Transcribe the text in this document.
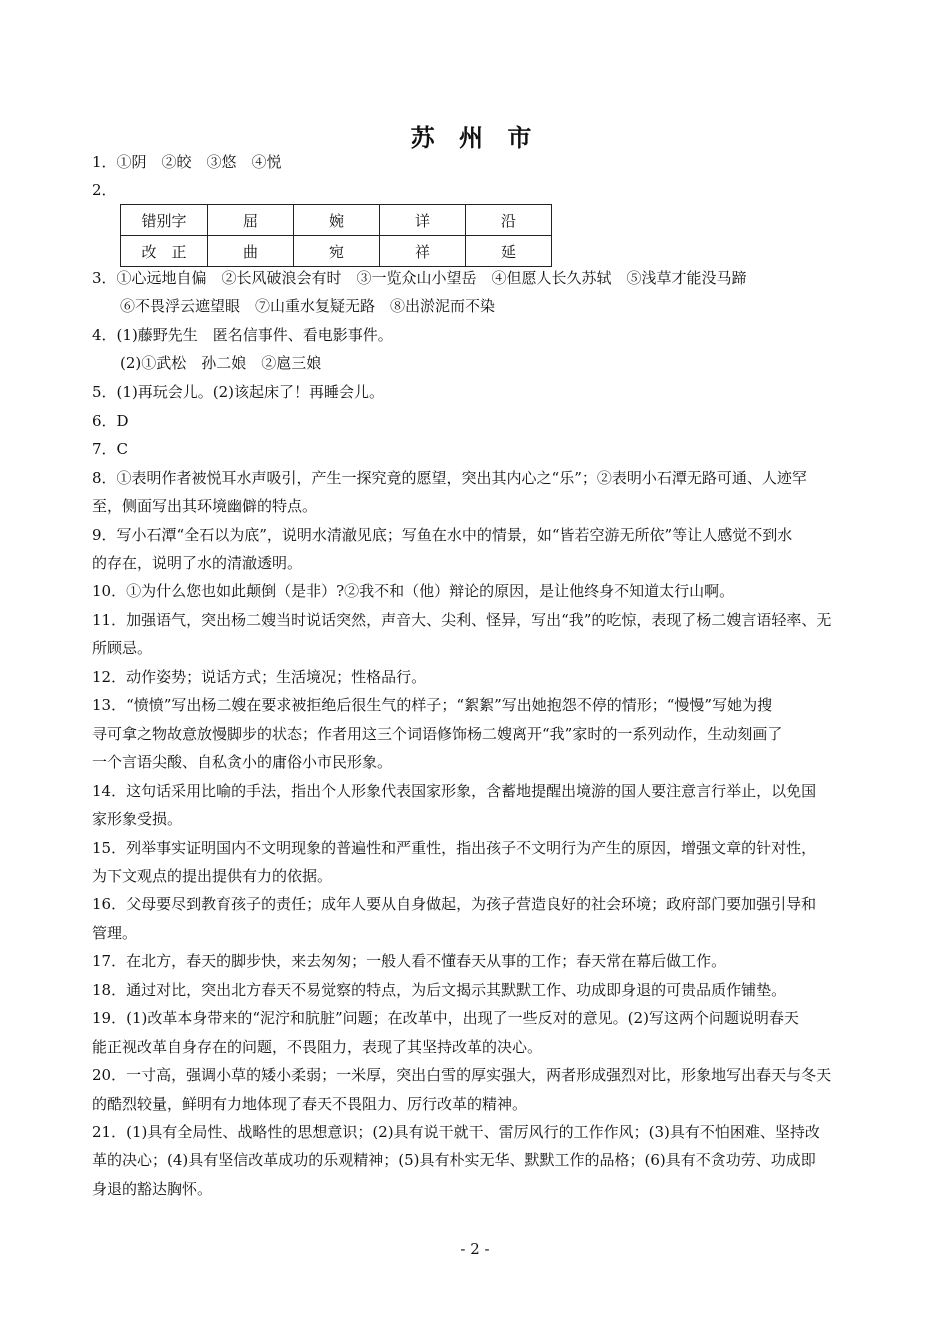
苏 州 市
1．①阴　②皎　③悠　④悦
2．
错别字	屈	婉	详	沿
改　正	曲	宛	祥	延
3．①心远地自偏　②长风破浪会有时　③一览众山小望岳　④但愿人长久苏轼　⑤浅草才能没马蹄
⑥不畏浮云遮望眼　⑦山重水复疑无路　⑧出淤泥而不染
4．(1)藤野先生　匿名信事件、看电影事件。
(2)①武松　孙二娘　②扈三娘
5．(1)再玩会儿。(2)该起床了！再睡会儿。
6．D
7．C
8．①表明作者被悦耳水声吸引，产生一探究竟的愿望，突出其内心之“乐”；②表明小石潭无路可通、人迹罕
至，侧面写出其环境幽僻的特点。
9．写小石潭“全石以为底”，说明水清澈见底；写鱼在水中的情景，如“皆若空游无所依”等让人感觉不到水
的存在，说明了水的清澈透明。
10．①为什么您也如此颠倒（是非）?②我不和（他）辩论的原因，是让他终身不知道太行山啊。
11．加强语气，突出杨二嫂当时说话突然，声音大、尖利、怪异，写出“我”的吃惊，表现了杨二嫂言语轻率、无
所顾忌。
12．动作姿势；说话方式；生活境况；性格品行。
13．“愤愤”写出杨二嫂在要求被拒绝后很生气的样子；“絮絮”写出她抱怨不停的情形；“慢慢”写她为搜
寻可拿之物故意放慢脚步的状态；作者用这三个词语修饰杨二嫂离开“我”家时的一系列动作，生动刻画了
一个言语尖酸、自私贪小的庸俗小市民形象。
14．这句话采用比喻的手法，指出个人形象代表国家形象，含蓄地提醒出境游的国人要注意言行举止，以免国
家形象受损。
15．列举事实证明国内不文明现象的普遍性和严重性，指出孩子不文明行为产生的原因，增强文章的针对性，
为下文观点的提出提供有力的依据。
16．父母要尽到教育孩子的责任；成年人要从自身做起，为孩子营造良好的社会环境；政府部门要加强引导和
管理。
17．在北方，春天的脚步快，来去匆匆；一般人看不懂春天从事的工作；春天常在幕后做工作。
18．通过对比，突出北方春天不易觉察的特点，为后文揭示其默默工作、功成即身退的可贵品质作铺垫。
19．(1)改革本身带来的“泥泞和肮脏”问题；在改革中，出现了一些反对的意见。(2)写这两个问题说明春天
能正视改革自身存在的问题，不畏阻力，表现了其坚持改革的决心。
20．一寸高，强调小草的矮小柔弱；一米厚，突出白雪的厚实强大，两者形成强烈对比，形象地写出春天与冬天
的酷烈较量，鲜明有力地体现了春天不畏阻力、厉行改革的精神。
21．(1)具有全局性、战略性的思想意识；(2)具有说干就干、雷厉风行的工作作风；(3)具有不怕困难、坚持改
革的决心；(4)具有坚信改革成功的乐观精神；(5)具有朴实无华、默默工作的品格；(6)具有不贪功劳、功成即
身退的豁达胸怀。
- 2 -
